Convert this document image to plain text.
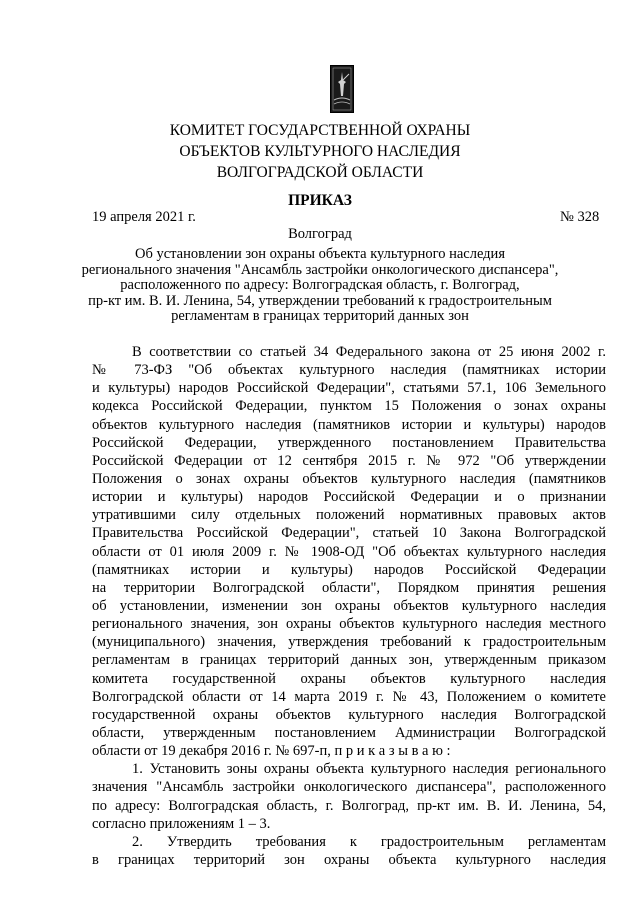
КОМИТЕТ ГОСУДАРСТВЕННОЙ ОХРАНЫ
ОБЪЕКТОВ КУЛЬТУРНОГО НАСЛЕДИЯ
ВОЛГОГРАДСКОЙ ОБЛАСТИ
ПРИКАЗ
19 апреля 2021 г.	№ 328
Волгоград
Об установлении зон охраны объекта культурного наследия
регионального значения "Ансамбль застройки онкологического диспансера",
расположенного по адресу: Волгоградская область, г. Волгоград,
пр-кт им. В. И. Ленина, 54, утверждении требований к градостроительным
регламентам в границах территорий данных зон
В соответствии со статьей 34 Федерального закона от 25 июня 2002 г.
№ 73-ФЗ "Об объектах культурного наследия (памятниках истории
и культуры) народов Российской Федерации", статьями 57.1, 106 Земельного
кодекса Российской Федерации, пунктом 15 Положения о зонах охраны
объектов культурного наследия (памятников истории и культуры) народов
Российской Федерации, утвержденного постановлением Правительства
Российской Федерации от 12 сентября 2015 г. № 972 "Об утверждении
Положения о зонах охраны объектов культурного наследия (памятников
истории и культуры) народов Российской Федерации и о признании
утратившими силу отдельных положений нормативных правовых актов
Правительства Российской Федерации", статьей 10 Закона Волгоградской
области от 01 июля 2009 г. № 1908-ОД "Об объектах культурного наследия
(памятниках истории и культуры) народов Российской Федерации
на территории Волгоградской области", Порядком принятия решения
об установлении, изменении зон охраны объектов культурного наследия
регионального значения, зон охраны объектов культурного наследия местного
(муниципального) значения, утверждения требований к градостроительным
регламентам в границах территорий данных зон, утвержденным приказом
комитета государственной охраны объектов культурного наследия
Волгоградской области от 14 марта 2019 г. № 43, Положением о комитете
государственной охраны объектов культурного наследия Волгоградской
области, утвержденным постановлением Администрации Волгоградской
области от 19 декабря 2016 г. № 697-п, п р и к а з ы в а ю :
1. Установить зоны охраны объекта культурного наследия регионального
значения "Ансамбль застройки онкологического диспансера", расположенного
по адресу: Волгоградская область, г. Волгоград, пр-кт им. В. И. Ленина, 54,
согласно приложениям 1 – 3.
2. Утвердить требования к градостроительным регламентам
в границах территорий зон охраны объекта культурного наследия
